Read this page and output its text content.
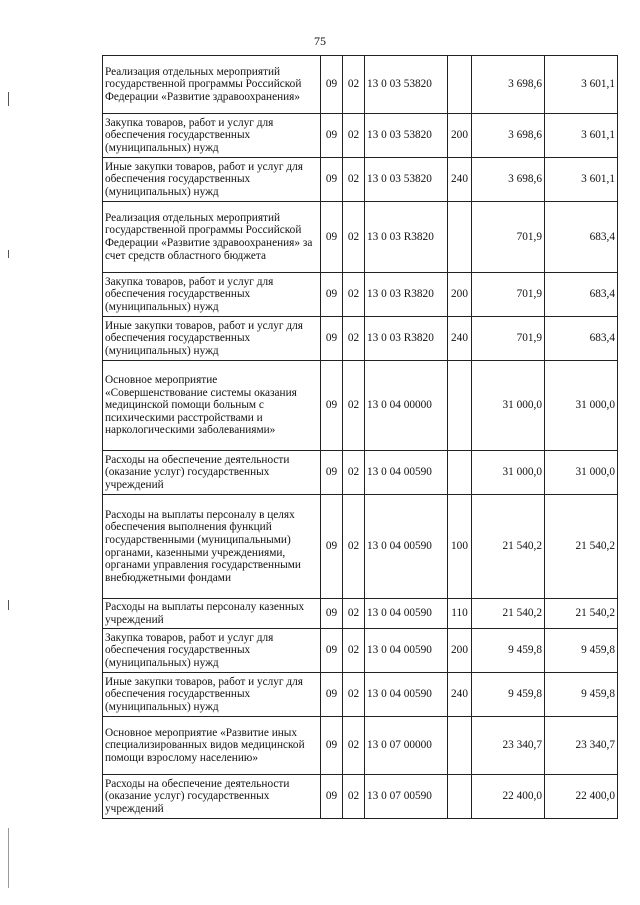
75
Реализация отдельных мероприятий государственной программы Российской Федерации «Развитие здравоохранения»	09	02	13 0 03 53820		3 698,6	3 601,1
Закупка товаров, работ и услуг для обеспечения государственных (муниципальных) нужд	09	02	13 0 03 53820	200	3 698,6	3 601,1
Иные закупки товаров, работ и услуг для обеспечения государственных (муниципальных) нужд	09	02	13 0 03 53820	240	3 698,6	3 601,1
Реализация отдельных мероприятий государственной программы Российской Федерации «Развитие здравоохранения» за счет средств областного бюджета	09	02	13 0 03 R3820		701,9	683,4
Закупка товаров, работ и услуг для обеспечения государственных (муниципальных) нужд	09	02	13 0 03 R3820	200	701,9	683,4
Иные закупки товаров, работ и услуг для обеспечения государственных (муниципальных) нужд	09	02	13 0 03 R3820	240	701,9	683,4
Основное мероприятие «Совершенствование системы оказания медицинской помощи больным с психическими расстройствами и наркологическими заболеваниями»	09	02	13 0 04 00000		31 000,0	31 000,0
Расходы на обеспечение деятельности (оказание услуг) государственных учреждений	09	02	13 0 04 00590		31 000,0	31 000,0
Расходы на выплаты персоналу в целях обеспечения выполнения функций государственными (муниципальными) органами, казенными учреждениями, органами управления государственными внебюджетными фондами	09	02	13 0 04 00590	100	21 540,2	21 540,2
Расходы на выплаты персоналу казенных учреждений	09	02	13 0 04 00590	110	21 540,2	21 540,2
Закупка товаров, работ и услуг для обеспечения государственных (муниципальных) нужд	09	02	13 0 04 00590	200	9 459,8	9 459,8
Иные закупки товаров, работ и услуг для обеспечения государственных (муниципальных) нужд	09	02	13 0 04 00590	240	9 459,8	9 459,8
Основное мероприятие «Развитие иных специализированных видов медицинской помощи взрослому населению»	09	02	13 0 07 00000		23 340,7	23 340,7
Расходы на обеспечение деятельности (оказание услуг) государственных учреждений	09	02	13 0 07 00590		22 400,0	22 400,0
